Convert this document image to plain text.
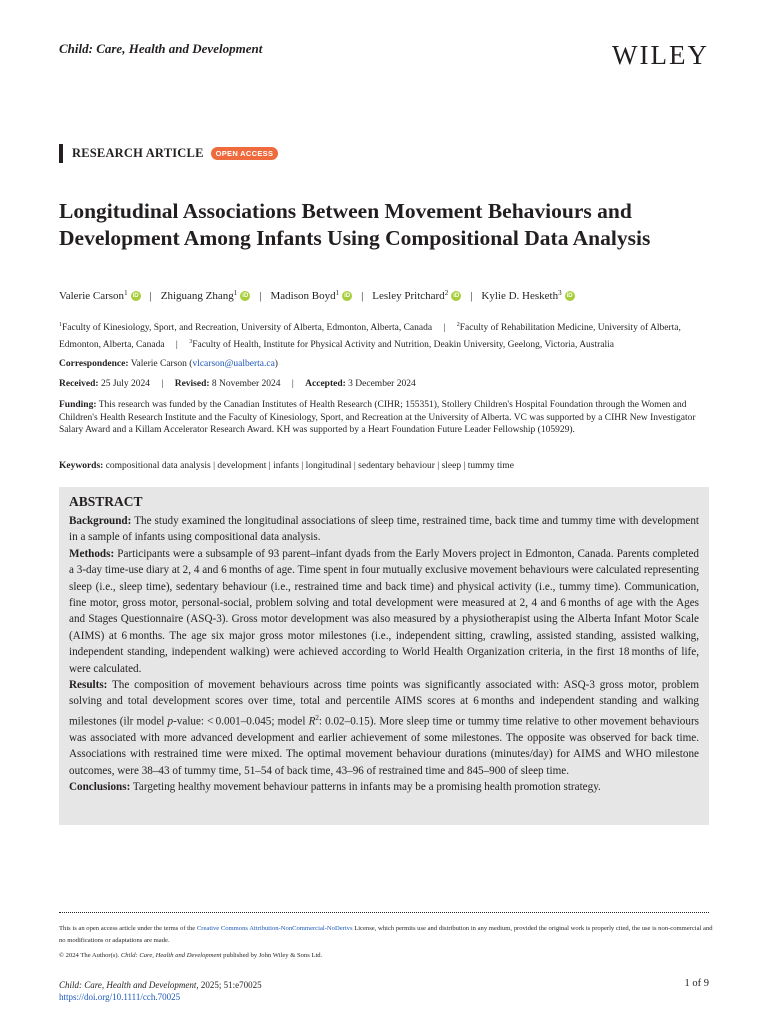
Child: Care, Health and Development	WILEY
RESEARCH ARTICLE	OPEN ACCESS
Longitudinal Associations Between Movement Behaviours and Development Among Infants Using Compositional Data Analysis
Valerie Carson$^1$ iD | Zhiguang Zhang$^1$ iD | Madison Boyd$^1$ iD | Lesley Pritchard$^2$ iD | Kylie D. Hesketh$^3$ iD
$^1$Faculty of Kinesiology, Sport, and Recreation, University of Alberta, Edmonton, Alberta, Canada | $^2$Faculty of Rehabilitation Medicine, University of Alberta, Edmonton, Alberta, Canada | $^3$Faculty of Health, Institute for Physical Activity and Nutrition, Deakin University, Geelong, Victoria, Australia
Correspondence: Valerie Carson (vlcarson@ualberta.ca)
Received: 25 July 2024 | Revised: 8 November 2024 | Accepted: 3 December 2024
Funding: This research was funded by the Canadian Institutes of Health Research (CIHR; 155351), Stollery Children's Hospital Foundation through the Women and Children's Health Research Institute and the Faculty of Kinesiology, Sport, and Recreation at the University of Alberta. VC was supported by a CIHR New Investigator Salary Award and a Killam Accelerator Research Award. KH was supported by a Heart Foundation Future Leader Fellowship (105929).
Keywords: compositional data analysis | development | infants | longitudinal | sedentary behaviour | sleep | tummy time
ABSTRACT

Background: The study examined the longitudinal associations of sleep time, restrained time, back time and tummy time with development in a sample of infants using compositional data analysis.

Methods: Participants were a subsample of 93 parent–infant dyads from the Early Movers project in Edmonton, Canada. Parents completed a 3-day time-use diary at 2, 4 and 6 months of age. Time spent in four mutually exclusive movement behaviours were calculated representing sleep (i.e., sleep time), sedentary behaviour (i.e., restrained time and back time) and physical activity (i.e., tummy time). Communication, fine motor, gross motor, personal-social, problem solving and total development were measured at 2, 4 and 6 months of age with the Ages and Stages Questionnaire (ASQ-3). Gross motor development was also measured by a physiotherapist using the Alberta Infant Motor Scale (AIMS) at 6 months. The age six major gross motor milestones (i.e., independent sitting, crawling, assisted standing, assisted walking, independent standing, independent walking) were achieved according to World Health Organization criteria, in the first 18 months of life, were calculated.

Results: The composition of movement behaviours across time points was significantly associated with: ASQ-3 gross motor, problem solving and total development scores over time, total and percentile AIMS scores at 6 months and independent standing and walking milestones (ilr model p-value: < 0.001–0.045; model $R^2$: 0.02–0.15). More sleep time or tummy time relative to other movement behaviours was associated with more advanced development and earlier achievement of some milestones. The opposite was observed for back time. Associations with restrained time were mixed. The optimal movement behaviour durations (minutes/day) for AIMS and WHO milestone outcomes, were 38–43 of tummy time, 51–54 of back time, 43–96 of restrained time and 845–900 of sleep time.

Conclusions: Targeting healthy movement behaviour patterns in infants may be a promising health promotion strategy.

This is an open access article under the terms of the Creative Commons Attribution-NonCommercial-NoDerivs License, which permits use and distribution in any medium, provided the original work is properly cited, the use is non-commercial and no modifications or adaptations are made.
© 2024 The Author(s). Child: Care, Health and Development published by John Wiley & Sons Ltd.
Child: Care, Health and Development, 2025; 51:e70025
https://doi.org/10.1111/cch.70025
1 of 9
